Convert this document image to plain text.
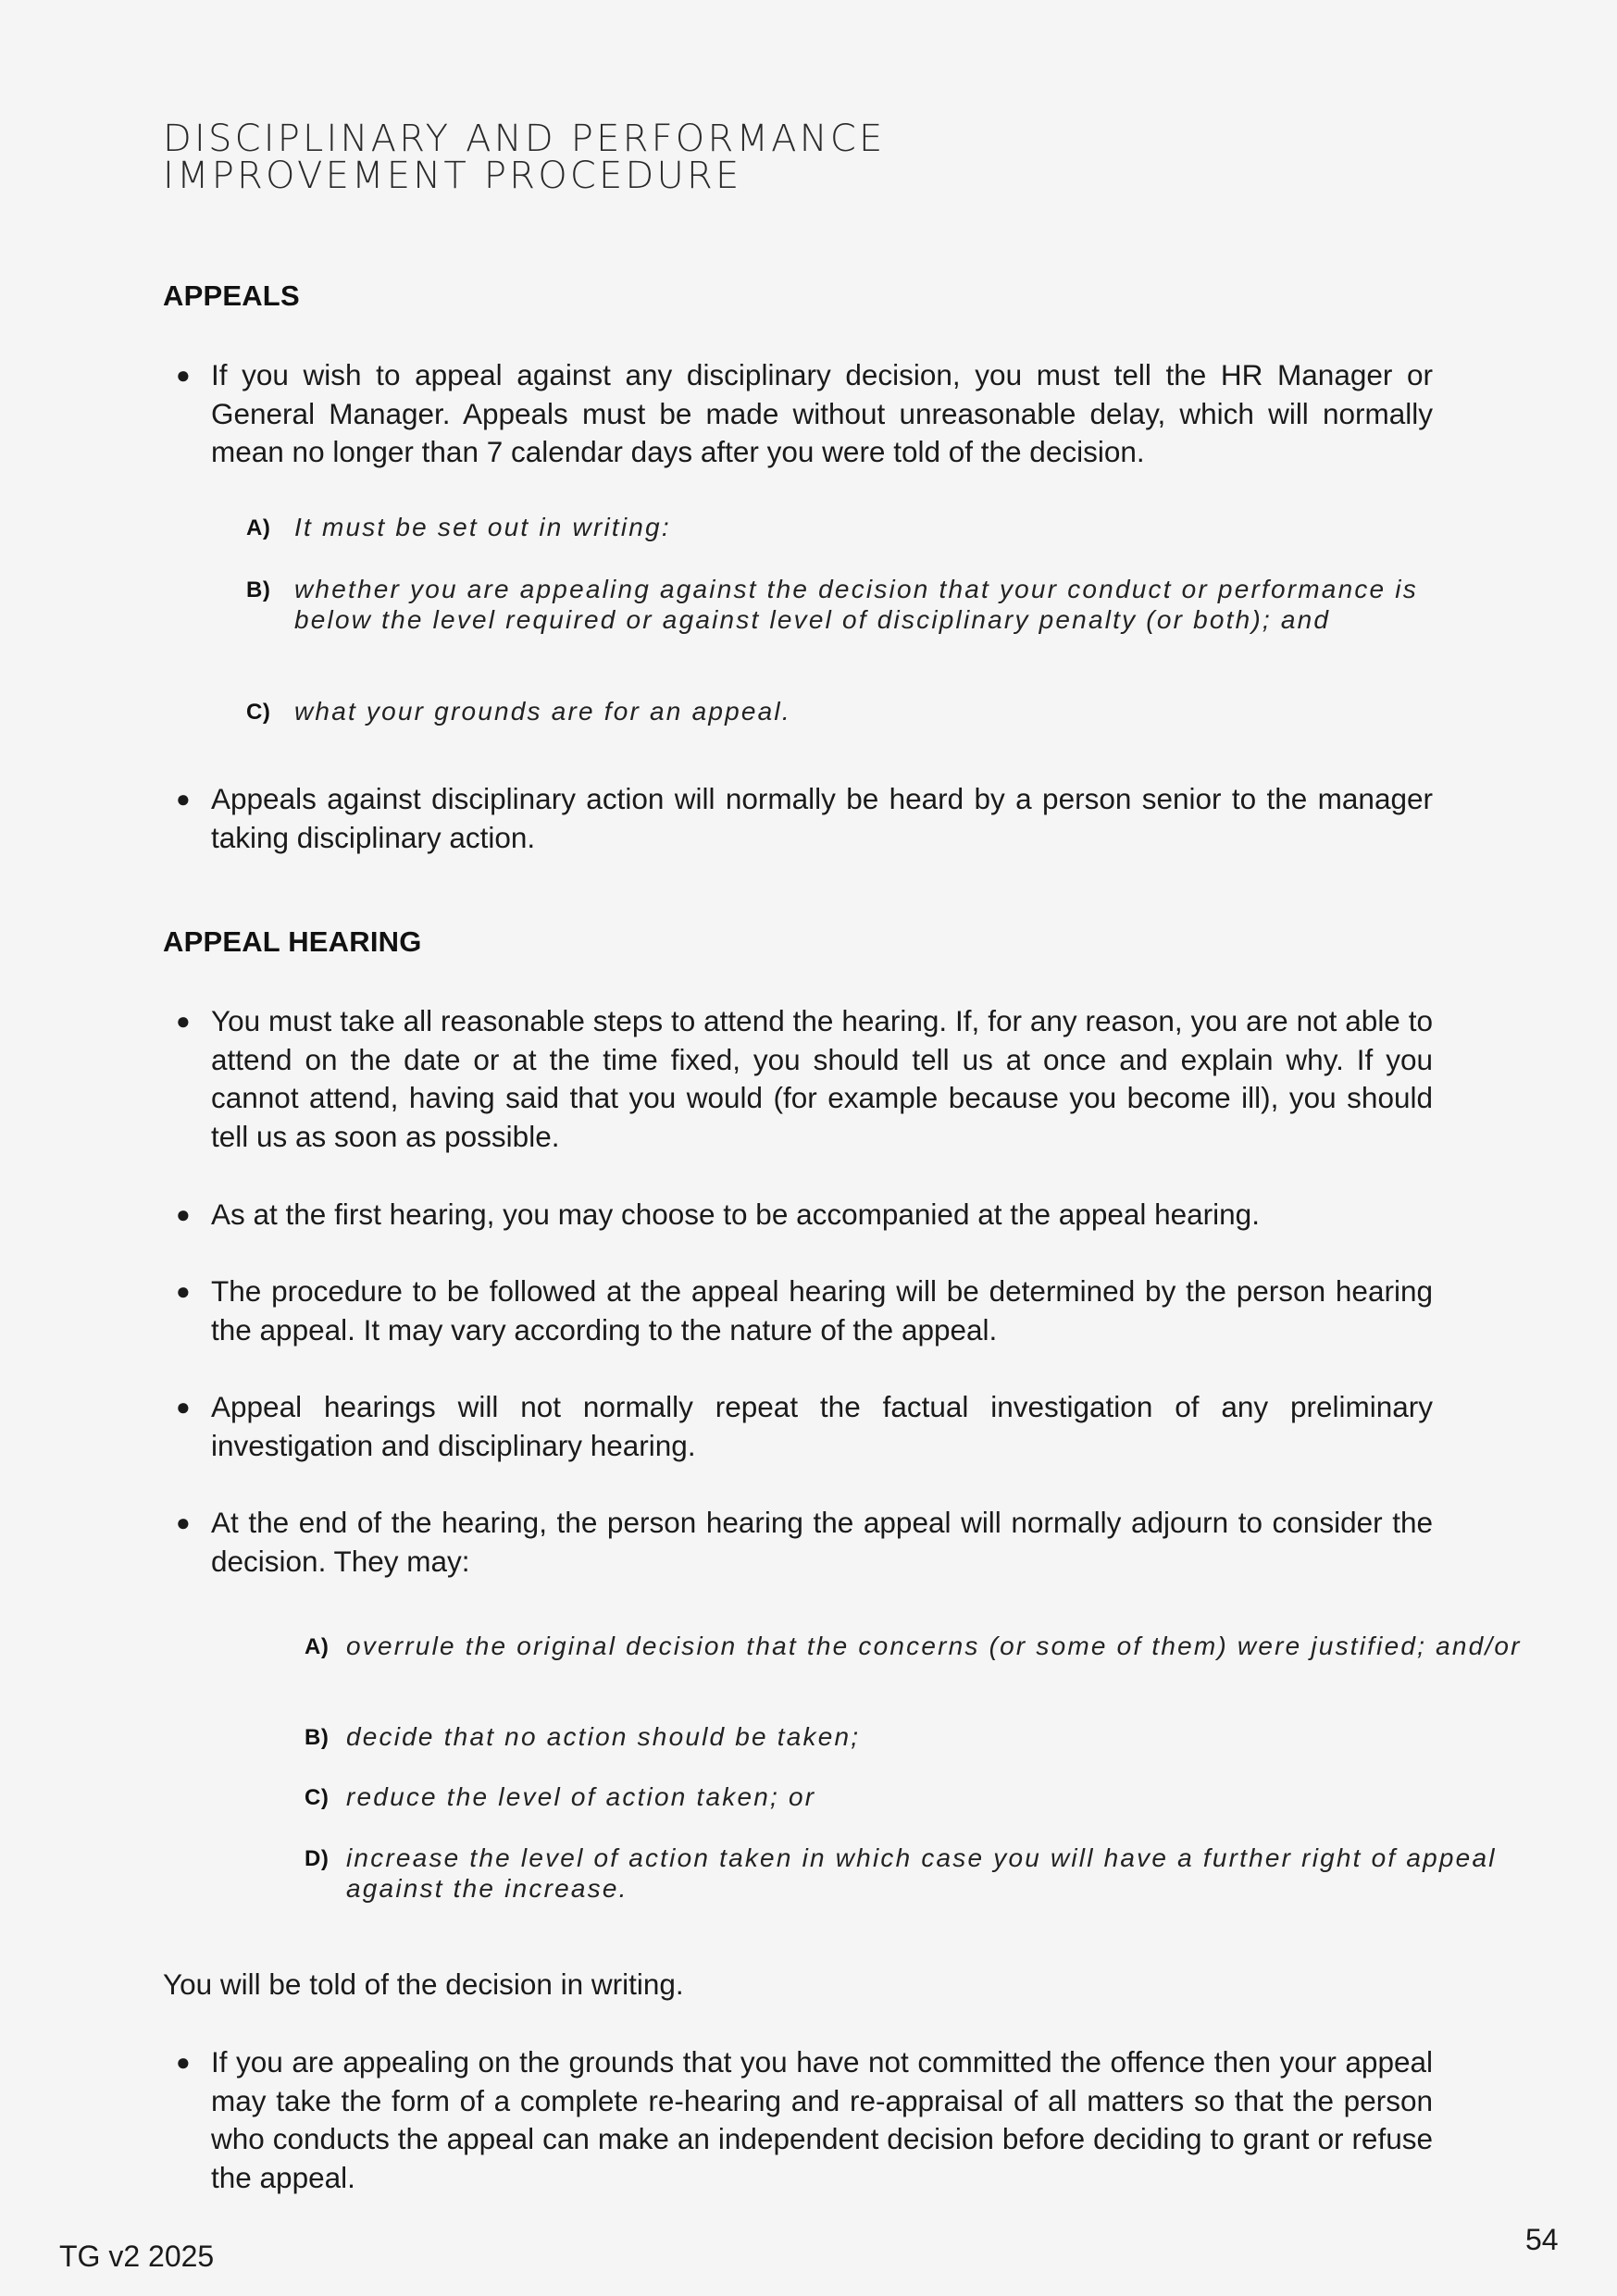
DISCIPLINARY AND PERFORMANCE
IMPROVEMENT PROCEDURE
APPEALS
● If you wish to appeal against any disciplinary decision, you must tell the HR Manager or General Manager. Appeals must be made without unreasonable delay, which will normally mean no longer than 7 calendar days after you were told of the decision.
A) It must be set out in writing:
B) whether you are appealing against the decision that your conduct or performance is below the level required or against level of disciplinary penalty (or both); and
C) what your grounds are for an appeal.
● Appeals against disciplinary action will normally be heard by a person senior to the manager taking disciplinary action.
APPEAL HEARING
● You must take all reasonable steps to attend the hearing. If, for any reason, you are not able to attend on the date or at the time fixed, you should tell us at once and explain why. If you cannot attend, having said that you would (for example because you become ill), you should tell us as soon as possible.
● As at the first hearing, you may choose to be accompanied at the appeal hearing.
● The procedure to be followed at the appeal hearing will be determined by the person hearing the appeal. It may vary according to the nature of the appeal.
● Appeal hearings will not normally repeat the factual investigation of any preliminary investigation and disciplinary hearing.
● At the end of the hearing, the person hearing the appeal will normally adjourn to consider the decision. They may:
A) overrule the original decision that the concerns (or some of them) were justified; and/or
B) decide that no action should be taken;
C) reduce the level of action taken; or
D) increase the level of action taken in which case you will have a further right of appeal against the increase.
You will be told of the decision in writing.
● If you are appealing on the grounds that you have not committed the offence then your appeal may take the form of a complete re-hearing and re-appraisal of all matters so that the person who conducts the appeal can make an independent decision before deciding to grant or refuse the appeal.
TG v2 2025	54
